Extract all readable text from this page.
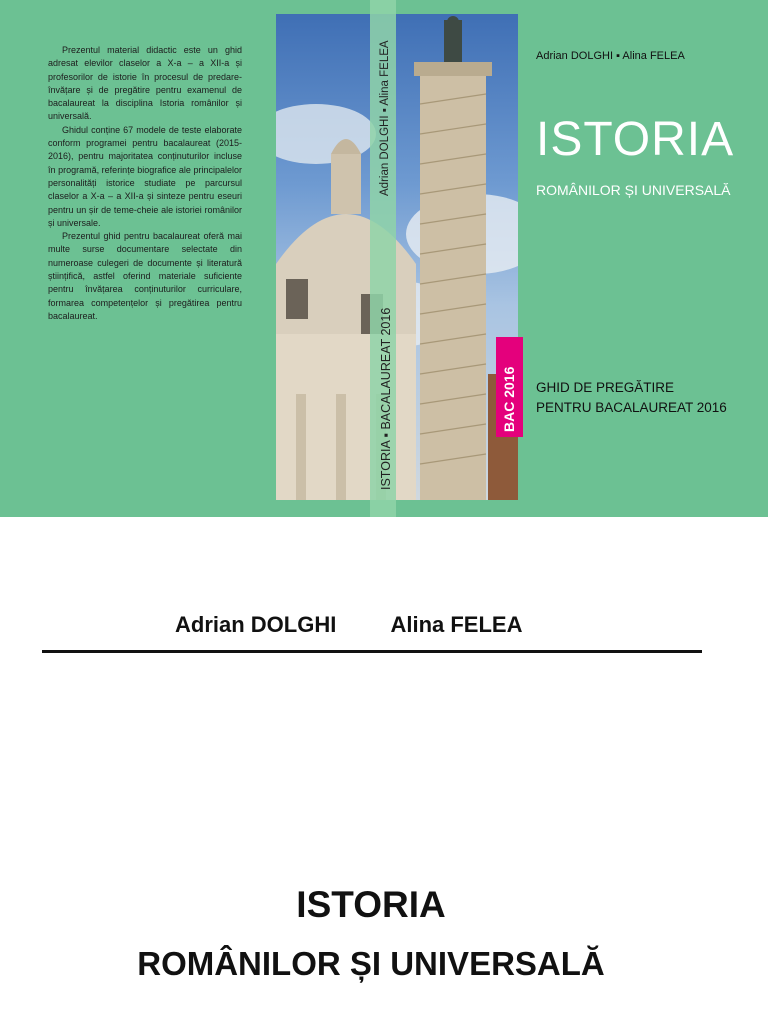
Prezentul material didactic este un ghid adresat elevilor claselor a X-a – a XII-a și profesorilor de istorie în procesul de predare-învățare și de pregătire pentru examenul de bacalaureat la disciplina Istoria românilor și universală.

Ghidul conține 67 modele de teste elaborate conform programei pentru bacalaureat (2015-2016), pentru majoritatea conținuturilor incluse în programă, referințe biografice ale principalelor personalități istorice studiate pe parcursul claselor a X-a – a XII-a și sinteze pentru eseuri pentru un șir de teme-cheie ale istoriei românilor și universale.

Prezentul ghid pentru bacalaureat oferă mai multe surse documentare selectate din numeroase culegeri de documente și literatură științifică, astfel oferind materiale suficiente pentru învățarea conținuturilor curriculare, formarea competențelor și pregătirea pentru bacalaureat.

Adrian DOLGHI ▪ Alina FELEA
ISTORIA ▪ BACALAUREAT 2016	BAC 2016
Adrian DOLGHI ▪ Alina FELEA
ISTORIA
ROMÂNILOR ȘI UNIVERSALĂ
GHID DE PREGĂTIRE
PENTRU BACALAUREAT 2016
Adrian DOLGHI Alina FELEA
ISTORIA
ROMÂNILOR ȘI UNIVERSALĂ
